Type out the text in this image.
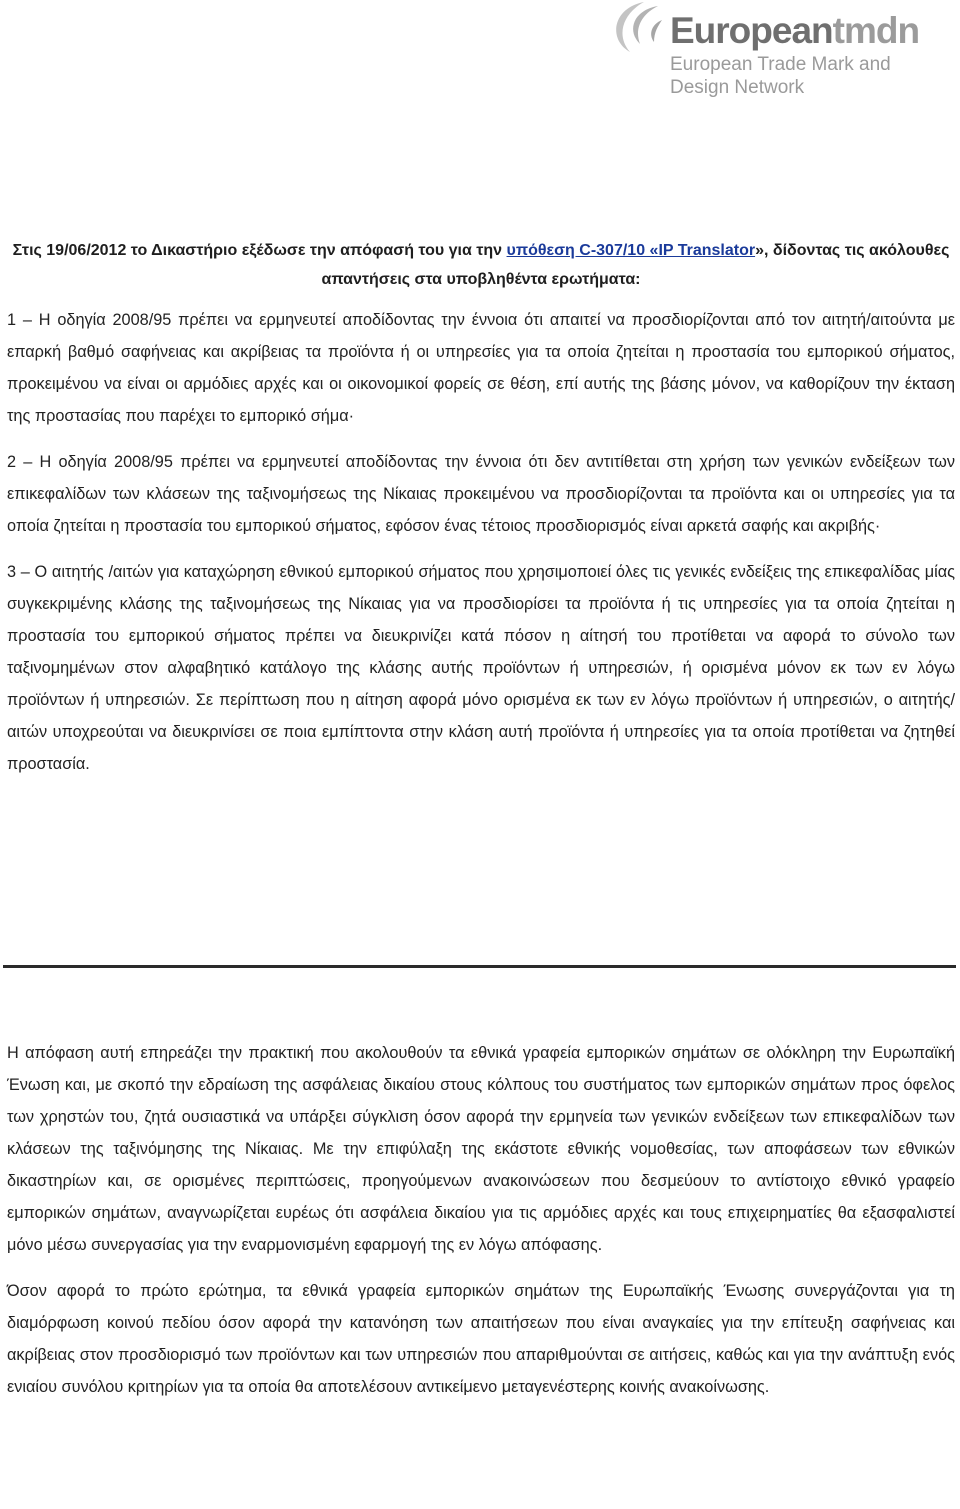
Europeantmdn
European Trade Mark and
Design Network

Στις 19/06/2012 το Δικαστήριο εξέδωσε την απόφασή του για την υπόθεση C-307/10 «IP Translator», δίδοντας τις ακόλουθες απαντήσεις στα υποβληθέντα ερωτήματα:

1 – Η οδηγία 2008/95 πρέπει να ερμηνευτεί αποδίδοντας την έννοια ότι απαιτεί να προσδιορίζονται από τον αιτητή/αιτούντα με επαρκή βαθμό σαφήνειας και ακρίβειας τα προϊόντα ή οι υπηρεσίες για τα οποία ζητείται η προστασία του εμπορικού σήματος, προκειμένου να είναι οι αρμόδιες αρχές και οι οικονομικοί φορείς σε θέση, επί αυτής της βάσης μόνον, να καθορίζουν την έκταση της προστασίας που παρέχει το εμπορικό σήμα·

2 – Η οδηγία 2008/95 πρέπει να ερμηνευτεί αποδίδοντας την έννοια ότι δεν αντιτίθεται στη χρήση των γενικών ενδείξεων των επικεφαλίδων των κλάσεων της ταξινομήσεως της Νίκαιας προκειμένου να προσδιορίζονται τα προϊόντα και οι υπηρεσίες για τα οποία ζητείται η προστασία του εμπορικού σήματος, εφόσον ένας τέτοιος προσδιορισμός είναι αρκετά σαφής και ακριβής·

3 – Ο αιτητής /αιτών για καταχώρηση εθνικού εμπορικού σήματος που χρησιμοποιεί όλες τις γενικές ενδείξεις της επικεφαλίδας μίας συγκεκριμένης κλάσης της ταξινομήσεως της Νίκαιας για να προσδιορίσει τα προϊόντα ή τις υπηρεσίες για τα οποία ζητείται η προστασία του εμπορικού σήματος πρέπει να διευκρινίζει κατά πόσον η αίτησή του προτίθεται να αφορά το σύνολο των ταξινομημένων στον αλφαβητικό κατάλογο της κλάσης αυτής προϊόντων ή υπηρεσιών, ή ορισμένα μόνον εκ των εν λόγω προϊόντων ή υπηρεσιών. Σε περίπτωση που η αίτηση αφορά μόνο ορισμένα εκ των εν λόγω προϊόντων ή υπηρεσιών, ο αιτητής/αιτών υποχρεούται να διευκρινίσει σε ποια εμπίπτοντα στην κλάση αυτή προϊόντα ή υπηρεσίες για τα οποία προτίθεται να ζητηθεί προστασία.

Η απόφαση αυτή επηρεάζει την πρακτική που ακολουθούν τα εθνικά γραφεία εμπορικών σημάτων σε ολόκληρη την Ευρωπαϊκή Ένωση και, με σκοπό την εδραίωση της ασφάλειας δικαίου στους κόλπους του συστήματος των εμπορικών σημάτων προς όφελος των χρηστών του, ζητά ουσιαστικά να υπάρξει σύγκλιση όσον αφορά την ερμηνεία των γενικών ενδείξεων των επικεφαλίδων των κλάσεων της ταξινόμησης της Νίκαιας. Με την επιφύλαξη της εκάστοτε εθνικής νομοθεσίας, των αποφάσεων των εθνικών δικαστηρίων και, σε ορισμένες περιπτώσεις, προηγούμενων ανακοινώσεων που δεσμεύουν το αντίστοιχο εθνικό γραφείο εμπορικών σημάτων, αναγνωρίζεται ευρέως ότι ασφάλεια δικαίου για τις αρμόδιες αρχές και τους επιχειρηματίες θα εξασφαλιστεί μόνο μέσω συνεργασίας για την εναρμονισμένη εφαρμογή της εν λόγω απόφασης.

Όσον αφορά το πρώτο ερώτημα, τα εθνικά γραφεία εμπορικών σημάτων της Ευρωπαϊκής Ένωσης συνεργάζονται για τη διαμόρφωση κοινού πεδίου όσον αφορά την κατανόηση των απαιτήσεων που είναι αναγκαίες για την επίτευξη σαφήνειας και ακρίβειας στον προσδιορισμό των προϊόντων και των υπηρεσιών που απαριθμούνται σε αιτήσεις, καθώς και για την ανάπτυξη ενός ενιαίου συνόλου κριτηρίων για τα οποία θα αποτελέσουν αντικείμενο μεταγενέστερης κοινής ανακοίνωσης.
